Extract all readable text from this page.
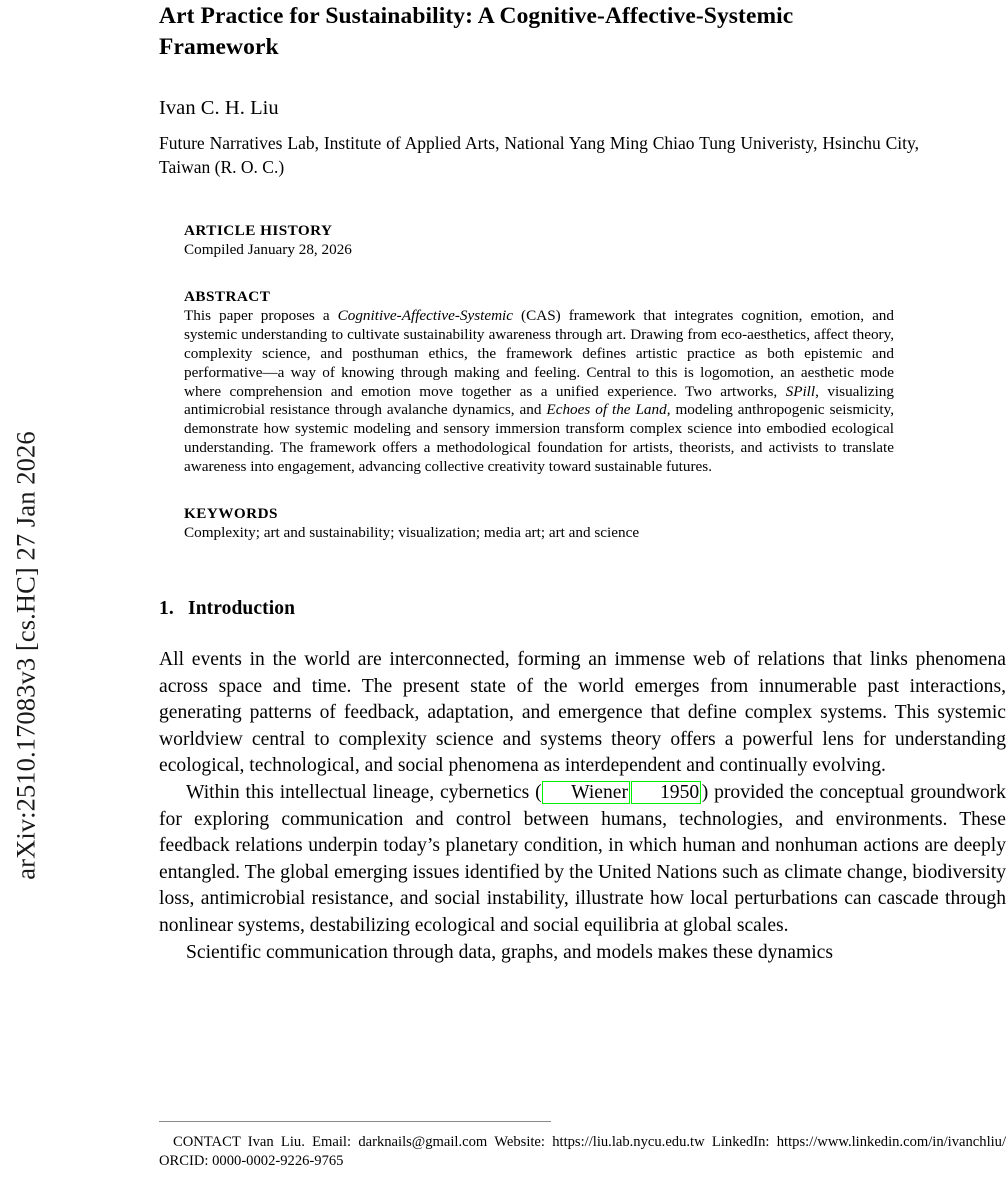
arXiv:2510.17083v3 [cs.HC] 27 Jan 2026
Art Practice for Sustainability: A Cognitive-Affective-Systemic
Framework

Ivan C. H. Liu

Future Narratives Lab, Institute of Applied Arts, National Yang Ming Chiao Tung Univeristy, Hsinchu City, Taiwan (R. O. C.)

ARTICLE HISTORY

Compiled January 28, 2026

ABSTRACT

This paper proposes a Cognitive-Affective-Systemic (CAS) framework that integrates cognition, emotion, and systemic understanding to cultivate sustainability awareness through art. Drawing from eco-aesthetics, affect theory, complexity science, and posthuman ethics, the framework defines artistic practice as both epistemic and performative—a way of knowing through making and feeling. Central to this is logomotion, an aesthetic mode where comprehension and emotion move together as a unified experience. Two artworks, SPill, visualizing antimicrobial resistance through avalanche dynamics, and Echoes of the Land, modeling anthropogenic seismicity, demonstrate how systemic modeling and sensory immersion transform complex science into embodied ecological understanding. The framework offers a methodological foundation for artists, theorists, and activists to translate awareness into engagement, advancing collective creativity toward sustainable futures.

KEYWORDS

Complexity; art and sustainability; visualization; media art; art and science

1. Introduction

All events in the world are interconnected, forming an immense web of relations that links phenomena across space and time. The present state of the world emerges from innumerable past interactions, generating patterns of feedback, adaptation, and emergence that define complex systems. This systemic worldview central to complexity science and systems theory offers a powerful lens for understanding ecological, technological, and social phenomena as interdependent and continually evolving.

Within this intellectual lineage, cybernetics ( Wiener 1950 ) provided the conceptual groundwork for exploring communication and control between humans, technologies, and environments. These feedback relations underpin today’s planetary condition, in which human and nonhuman actions are deeply entangled. The global emerging issues identified by the United Nations such as climate change, biodiversity loss, antimicrobial resistance, and social instability, illustrate how local perturbations can cascade through nonlinear systems, destabilizing ecological and social equilibria at global scales.

Scientific communication through data, graphs, and models makes these dynamics

CONTACT Ivan Liu. Email: darknails@gmail.com Website: https://liu.lab.nycu.edu.tw LinkedIn: https://www.linkedin.com/in/ivanchliu/ ORCID: 0000-0002-9226-9765
